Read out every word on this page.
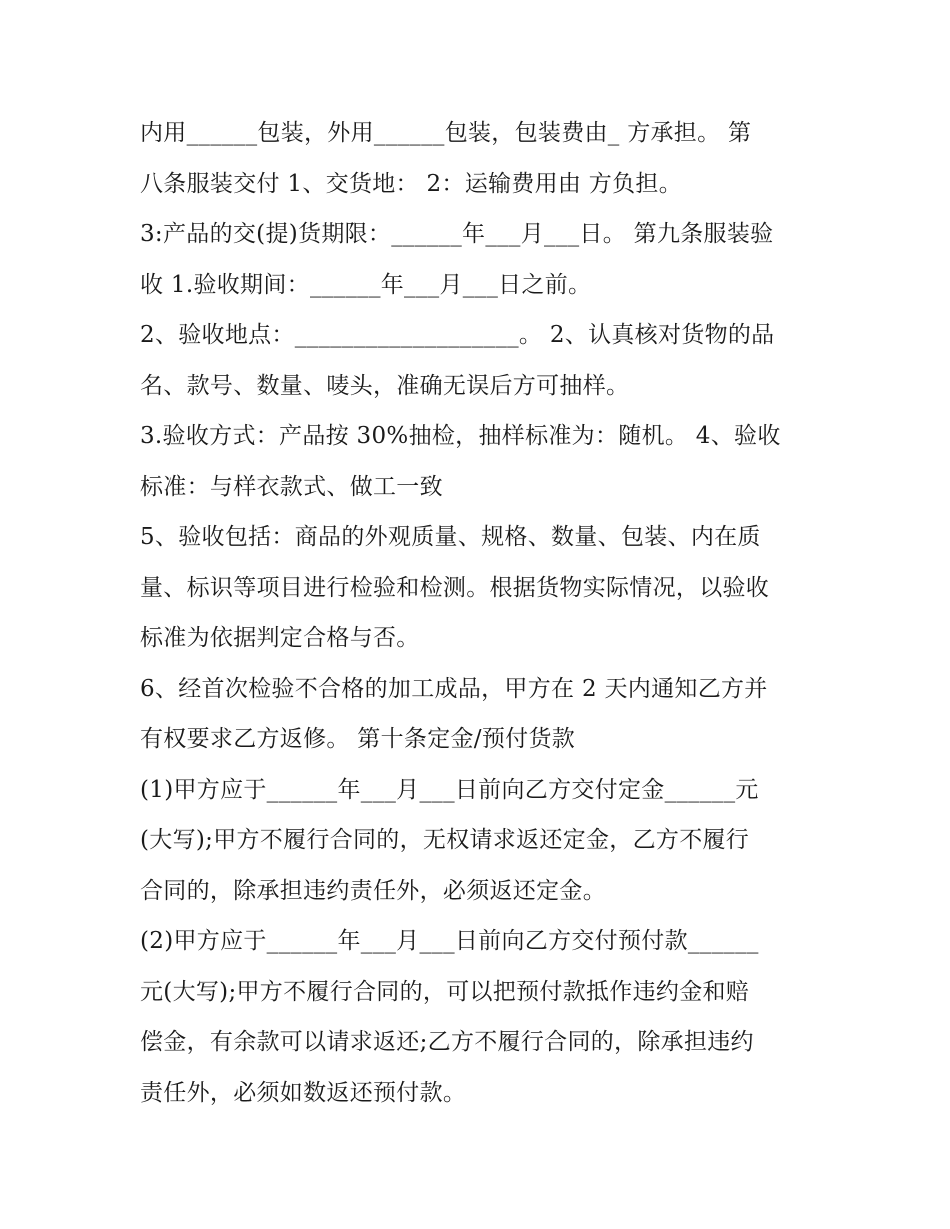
内用______包装，外用______包装，包装费由_ 方承担。 第
八条服装交付 1、交货地： 2：运输费用由 方负担。
3:产品的交(提)货期限：______年___月___日。 第九条服装验
收 1.验收期间：______年___月___日之前。
2、验收地点：___________________。 2、认真核对货物的品
名、款号、数量、唛头，准确无误后方可抽样。
3.验收方式：产品按 30%抽检，抽样标准为：随机。 4、验收
标准：与样衣款式、做工一致
5、验收包括：商品的外观质量、规格、数量、包装、内在质
量、标识等项目进行检验和检测。根据货物实际情况，以验收
标准为依据判定合格与否。
6、经首次检验不合格的加工成品，甲方在 2 天内通知乙方并
有权要求乙方返修。 第十条定金/预付货款
(1)甲方应于______年___月___日前向乙方交付定金______元
(大写);甲方不履行合同的，无权请求返还定金，乙方不履行
合同的，除承担违约责任外，必须返还定金。
(2)甲方应于______年___月___日前向乙方交付预付款______
元(大写);甲方不履行合同的，可以把预付款抵作违约金和赔
偿金，有余款可以请求返还;乙方不履行合同的，除承担违约
责任外，必须如数返还预付款。
